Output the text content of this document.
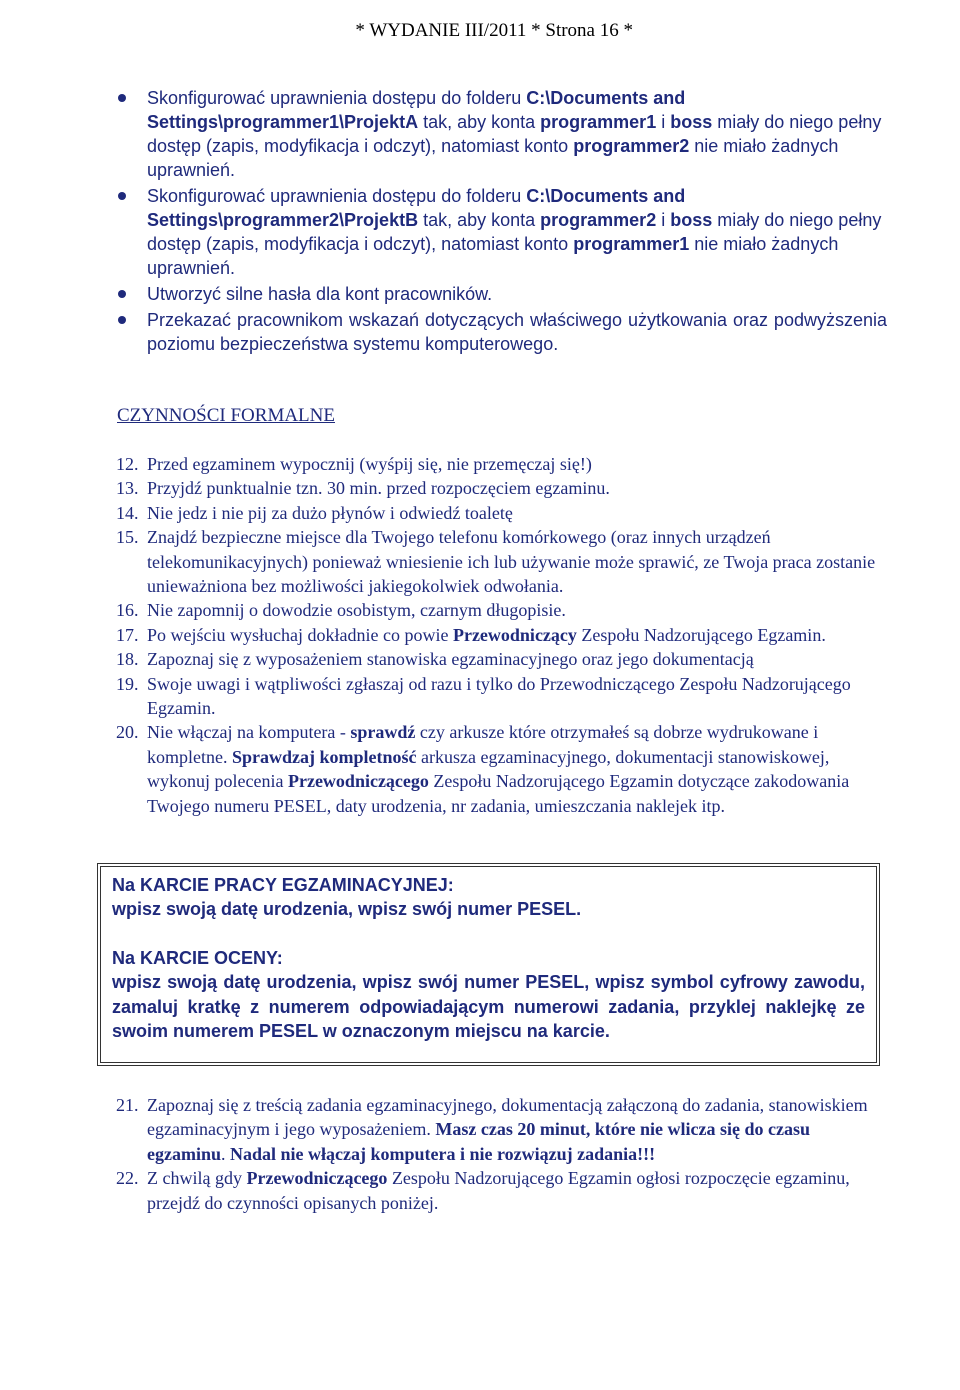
* WYDANIE III/2011 * Strona 16 *
Skonfigurować uprawnienia dostępu do folderu C:\Documents and Settings\programmer1\ProjektA tak, aby konta programmer1 i boss miały do niego pełny dostęp (zapis, modyfikacja i odczyt), natomiast konto programmer2 nie miało żadnych uprawnień.
Skonfigurować uprawnienia dostępu do folderu C:\Documents and Settings\programmer2\ProjektB tak, aby konta programmer2 i boss miały do niego pełny dostęp (zapis, modyfikacja i odczyt), natomiast konto programmer1 nie miało żadnych uprawnień.
Utworzyć silne hasła dla kont pracowników.
Przekazać pracownikom wskazań dotyczących właściwego użytkowania oraz podwyższenia poziomu bezpieczeństwa systemu komputerowego.
CZYNNOŚCI FORMALNE
12. Przed egzaminem wypocznij (wyśpij się, nie przemęczaj się!)
13. Przyjdź punktualnie tzn. 30 min. przed rozpoczęciem egzaminu.
14. Nie jedz i nie pij za dużo płynów i odwiedź toaletę
15. Znajdź bezpieczne miejsce dla Twojego telefonu komórkowego (oraz innych urządzeń telekomunikacyjnych) ponieważ wniesienie ich lub używanie może sprawić, ze Twoja praca zostanie unieważniona bez możliwości jakiegokolwiek odwołania.
16. Nie zapomnij o dowodzie osobistym, czarnym długopisie.
17. Po wejściu wysłuchaj dokładnie co powie Przewodniczący Zespołu Nadzorującego Egzamin.
18. Zapoznaj się z wyposażeniem stanowiska egzaminacyjnego oraz jego dokumentacją
19. Swoje uwagi i wątpliwości zgłaszaj od razu i tylko do Przewodniczącego Zespołu Nadzorującego Egzamin.
20. Nie włączaj na komputera - sprawdź czy arkusze które otrzymałeś są dobrze wydrukowane i kompletne. Sprawdzaj kompletność arkusza egzaminacyjnego, dokumentacji stanowiskowej, wykonuj polecenia Przewodniczącego Zespołu Nadzorującego Egzamin dotyczące zakodowania Twojego numeru PESEL, daty urodzenia, nr zadania, umieszczania naklejek itp.
Na KARCIE PRACY EGZAMINACYJNEJ:
wpisz swoją datę urodzenia, wpisz swój numer PESEL.
Na KARCIE OCENY:
wpisz swoją datę urodzenia, wpisz swój numer PESEL, wpisz symbol cyfrowy zawodu, zamaluj kratkę z numerem odpowiadającym numerowi zadania, przyklej naklejkę ze swoim numerem PESEL w oznaczonym miejscu na karcie.
21. Zapoznaj się z treścią zadania egzaminacyjnego, dokumentacją załączoną do zadania, stanowiskiem egzaminacyjnym i jego wyposażeniem. Masz czas 20 minut, które nie wlicza się do czasu egzaminu. Nadal nie włączaj komputera i nie rozwiązuj zadania!!!
22. Z chwilą gdy Przewodniczącego Zespołu Nadzorującego Egzamin ogłosi rozpoczęcie egzaminu, przejdź do czynności opisanych poniżej.
